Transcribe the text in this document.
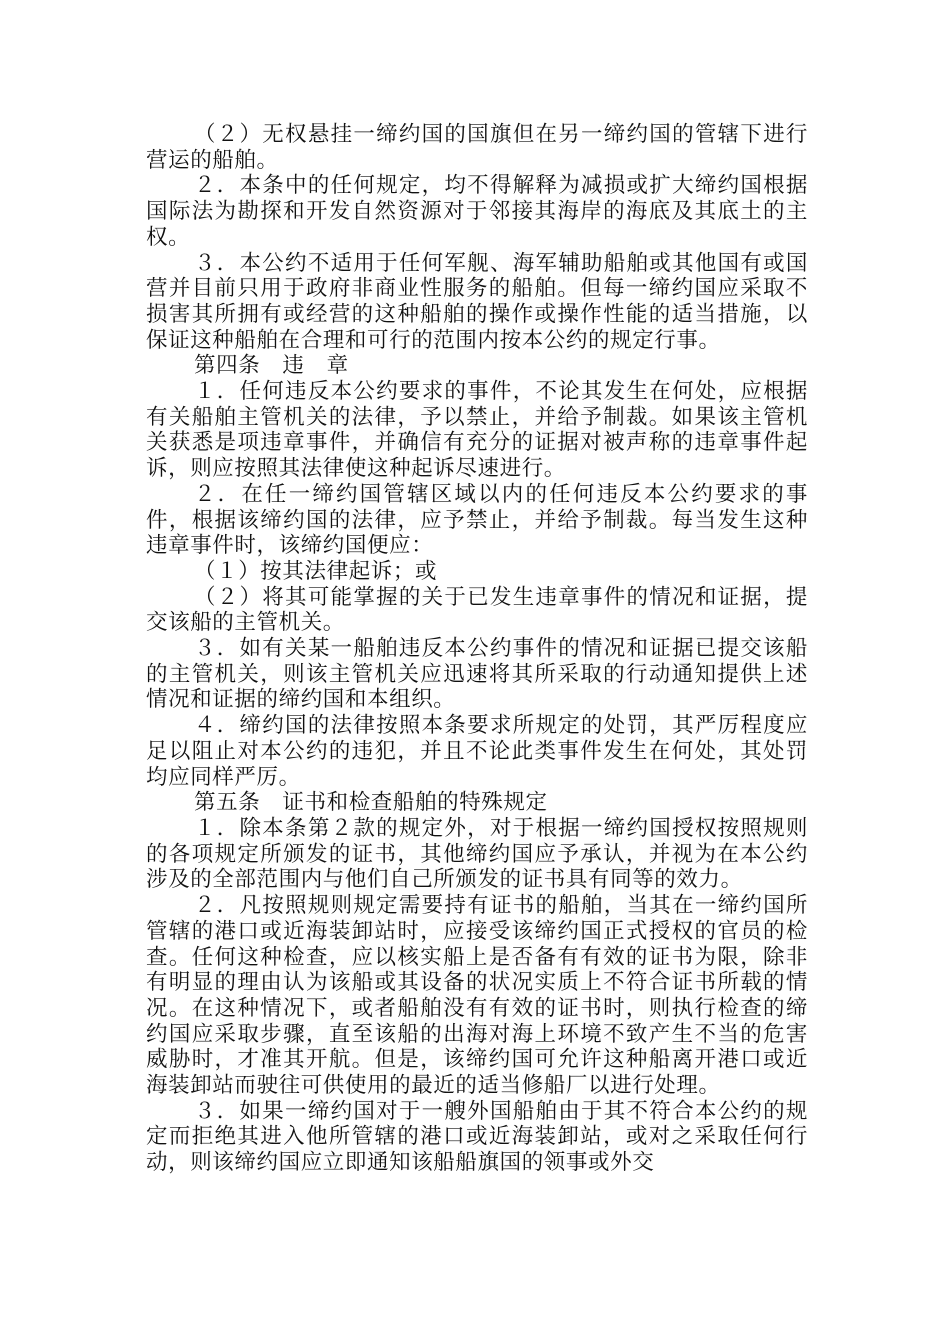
（２）无权悬挂一缔约国的国旗但在另一缔约国的管辖下进行营运的船舶。

２．本条中的任何规定，均不得解释为减损或扩大缔约国根据国际法为勘探和开发自然资源对于邻接其海岸的海底及其底土的主权。

３．本公约不适用于任何军舰、海军辅助船舶或其他国有或国营并目前只用于政府非商业性服务的船舶。但每一缔约国应采取不损害其所拥有或经营的这种船舶的操作或操作性能的适当措施，以保证这种船舶在合理和可行的范围内按本公约的规定行事。

第四条　违　章

１．任何违反本公约要求的事件，不论其发生在何处，应根据有关船舶主管机关的法律，予以禁止，并给予制裁。如果该主管机关获悉是项违章事件，并确信有充分的证据对被声称的违章事件起诉，则应按照其法律使这种起诉尽速进行。

２．在任一缔约国管辖区域以内的任何违反本公约要求的事件，根据该缔约国的法律，应予禁止，并给予制裁。每当发生这种违章事件时，该缔约国便应：

（１）按其法律起诉；或

（２）将其可能掌握的关于已发生违章事件的情况和证据，提交该船的主管机关。

３．如有关某一船舶违反本公约事件的情况和证据已提交该船的主管机关，则该主管机关应迅速将其所采取的行动通知提供上述情况和证据的缔约国和本组织。

４．缔约国的法律按照本条要求所规定的处罚，其严厉程度应足以阻止对本公约的违犯，并且不论此类事件发生在何处，其处罚均应同样严厉。

第五条　证书和检查船舶的特殊规定

１．除本条第２款的规定外，对于根据一缔约国授权按照规则的各项规定所颁发的证书，其他缔约国应予承认，并视为在本公约涉及的全部范围内与他们自己所颁发的证书具有同等的效力。

２．凡按照规则规定需要持有证书的船舶，当其在一缔约国所管辖的港口或近海装卸站时，应接受该缔约国正式授权的官员的检查。任何这种检查，应以核实船上是否备有有效的证书为限，除非有明显的理由认为该船或其设备的状况实质上不符合证书所载的情况。在这种情况下，或者船舶没有有效的证书时，则执行检查的缔约国应采取步骤，直至该船的出海对海上环境不致产生不当的危害威胁时，才准其开航。但是，该缔约国可允许这种船离开港口或近海装卸站而驶往可供使用的最近的适当修船厂以进行处理。

３．如果一缔约国对于一艘外国船舶由于其不符合本公约的规定而拒绝其进入他所管辖的港口或近海装卸站，或对之采取任何行动，则该缔约国应立即通知该船船旗国的领事或外交
